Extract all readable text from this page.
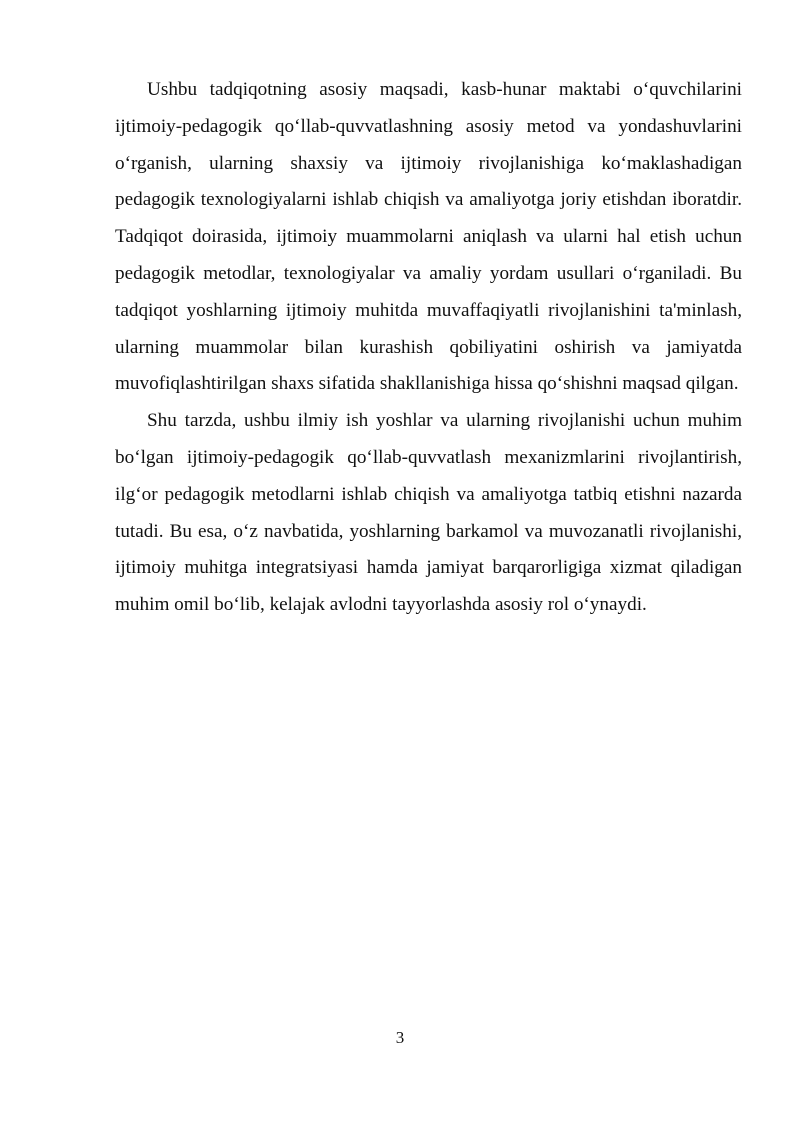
Ushbu tadqiqotning asosiy maqsadi, kasb-hunar maktabi o‘quvchilarini ijtimoiy-pedagogik qo‘llab-quvvatlashning asosiy metod va yondashuvlarini o‘rganish, ularning shaxsiy va ijtimoiy rivojlanishiga ko‘maklashadigan pedagogik texnologiyalarni ishlab chiqish va amaliyotga joriy etishdan iboratdir. Tadqiqot doirasida, ijtimoiy muammolarni aniqlash va ularni hal etish uchun pedagogik metodlar, texnologiyalar va amaliy yordam usullari o‘rganiladi. Bu tadqiqot yoshlarning ijtimoiy muhitda muvaffaqiyatli rivojlanishini ta'minlash, ularning muammolar bilan kurashish qobiliyatini oshirish va jamiyatda muvofiqlashtirilgan shaxs sifatida shakllanishiga hissa qo‘shishni maqsad qilgan.

Shu tarzda, ushbu ilmiy ish yoshlar va ularning rivojlanishi uchun muhim bo‘lgan ijtimoiy-pedagogik qo‘llab-quvvatlash mexanizmlarini rivojlantirish, ilg‘or pedagogik metodlarni ishlab chiqish va amaliyotga tatbiq etishni nazarda tutadi. Bu esa, o‘z navbatida, yoshlarning barkamol va muvozanatli rivojlanishi, ijtimoiy muhitga integratsiyasi hamda jamiyat barqarorligiga xizmat qiladigan muhim omil bo‘lib, kelajak avlodni tayyorlashda asosiy rol o‘ynaydi.

3
